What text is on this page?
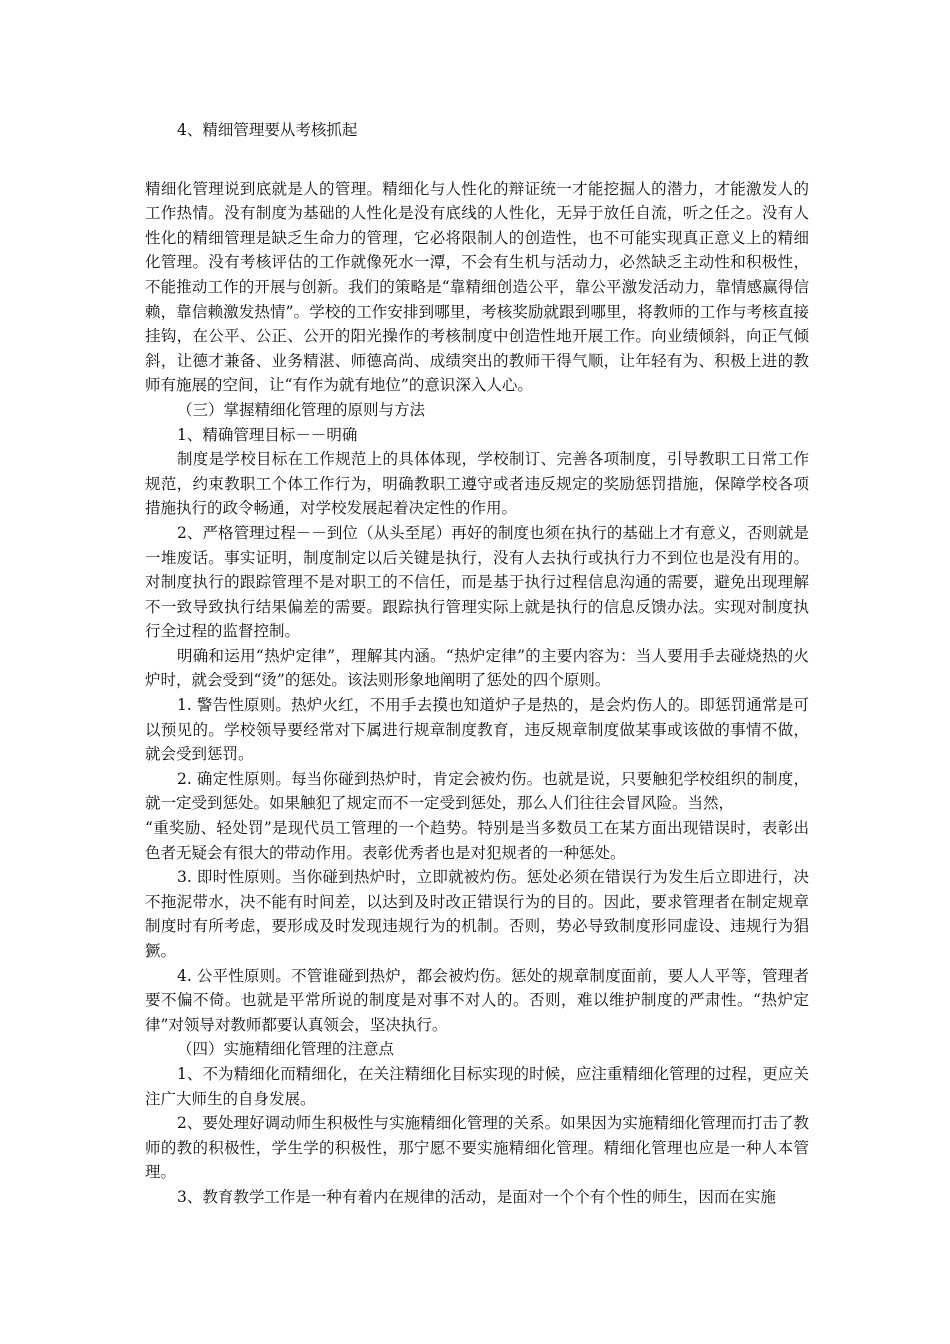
4、精细管理要从考核抓起

精细化管理说到底就是人的管理。精细化与人性化的辩证统一才能挖掘人的潜力，才能激发人的工作热情。没有制度为基础的人性化是没有底线的人性化，无异于放任自流，听之任之。没有人性化的精细管理是缺乏生命力的管理，它必将限制人的创造性，也不可能实现真正意义上的精细化管理。没有考核评估的工作就像死水一潭，不会有生机与活动力，必然缺乏主动性和积极性，不能推动工作的开展与创新。我们的策略是“靠精细创造公平，靠公平激发活动力，靠情感赢得信赖，靠信赖激发热情”。学校的工作安排到哪里，考核奖励就跟到哪里，将教师的工作与考核直接挂钩，在公平、公正、公开的阳光操作的考核制度中创造性地开展工作。向业绩倾斜，向正气倾斜，让德才兼备、业务精湛、师德高尚、成绩突出的教师干得气顺，让年轻有为、积极上进的教师有施展的空间，让“有作为就有地位”的意识深入人心。

（三）掌握精细化管理的原则与方法

1、精确管理目标－－明确

制度是学校目标在工作规范上的具体体现，学校制订、完善各项制度，引导教职工日常工作规范，约束教职工个体工作行为，明确教职工遵守或者违反规定的奖励惩罚措施，保障学校各项措施执行的政令畅通，对学校发展起着决定性的作用。

2、严格管理过程－－到位（从头至尾）再好的制度也须在执行的基础上才有意义，否则就是一堆废话。事实证明，制度制定以后关键是执行，没有人去执行或执行力不到位也是没有用的。对制度执行的跟踪管理不是对职工的不信任，而是基于执行过程信息沟通的需要，避免出现理解不一致导致执行结果偏差的需要。跟踪执行管理实际上就是执行的信息反馈办法。实现对制度执行全过程的监督控制。

明确和运用“热炉定律”，理解其内涵。“热炉定律”的主要内容为：当人要用手去碰烧热的火炉时，就会受到“烫”的惩处。该法则形象地阐明了惩处的四个原则。

1. 警告性原则。热炉火红，不用手去摸也知道炉子是热的，是会灼伤人的。即惩罚通常是可以预见的。学校领导要经常对下属进行规章制度教育，违反规章制度做某事或该做的事情不做，就会受到惩罚。

2. 确定性原则。每当你碰到热炉时，肯定会被灼伤。也就是说，只要触犯学校组织的制度，就一定受到惩处。如果触犯了规定而不一定受到惩处，那么人们往往会冒风险。当然，

“重奖励、轻处罚”是现代员工管理的一个趋势。特别是当多数员工在某方面出现错误时，表彰出色者无疑会有很大的带动作用。表彰优秀者也是对犯规者的一种惩处。

3. 即时性原则。当你碰到热炉时，立即就被灼伤。惩处必须在错误行为发生后立即进行，决不拖泥带水，决不能有时间差，以达到及时改正错误行为的目的。因此，要求管理者在制定规章制度时有所考虑，要形成及时发现违规行为的机制。否则，势必导致制度形同虚设、违规行为猖獗。

4. 公平性原则。不管谁碰到热炉，都会被灼伤。惩处的规章制度面前，要人人平等，管理者要不偏不倚。也就是平常所说的制度是对事不对人的。否则，难以维护制度的严肃性。“热炉定律”对领导对教师都要认真领会，坚决执行。

（四）实施精细化管理的注意点

1、不为精细化而精细化，在关注精细化目标实现的时候，应注重精细化管理的过程，更应关注广大师生的自身发展。

2、要处理好调动师生积极性与实施精细化管理的关系。如果因为实施精细化管理而打击了教师的教的积极性，学生学的积极性，那宁愿不要实施精细化管理。精细化管理也应是一种人本管理。

3、教育教学工作是一种有着内在规律的活动，是面对一个个有个性的师生，因而在实施
